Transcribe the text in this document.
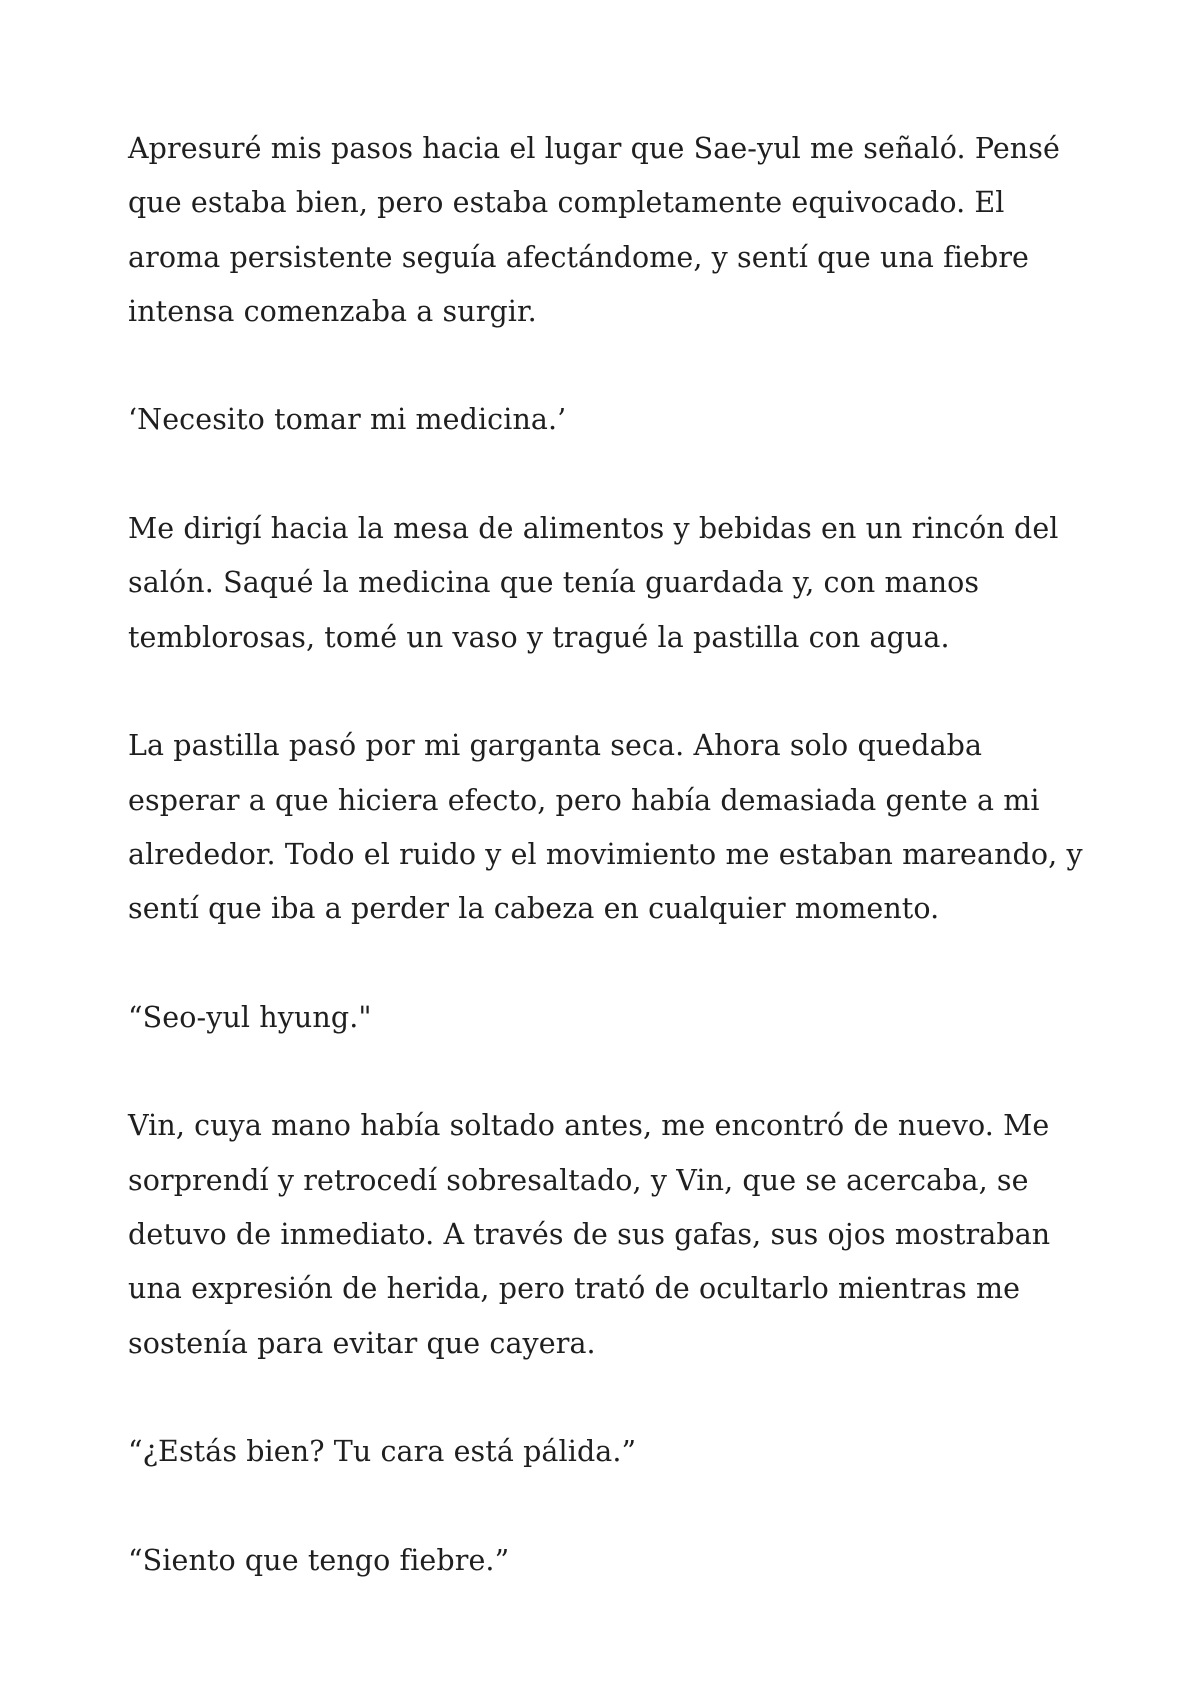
Apresuré mis pasos hacia el lugar que Sae-yul me señaló. Pensé que estaba bien, pero estaba completamente equivocado. El aroma persistente seguía afectándome, y sentí que una fiebre intensa comenzaba a surgir.

‘Necesito tomar mi medicina.’

Me dirigí hacia la mesa de alimentos y bebidas en un rincón del salón. Saqué la medicina que tenía guardada y, con manos temblorosas, tomé un vaso y tragué la pastilla con agua.

La pastilla pasó por mi garganta seca. Ahora solo quedaba esperar a que hiciera efecto, pero había demasiada gente a mi alrededor. Todo el ruido y el movimiento me estaban mareando, y sentí que iba a perder la cabeza en cualquier momento.

“Seo-yul hyung."

Vin, cuya mano había soltado antes, me encontró de nuevo. Me sorprendí y retrocedí sobresaltado, y Vin, que se acercaba, se detuvo de inmediato. A través de sus gafas, sus ojos mostraban una expresión de herida, pero trató de ocultarlo mientras me sostenía para evitar que cayera.

“¿Estás bien? Tu cara está pálida.”

“Siento que tengo fiebre.”
